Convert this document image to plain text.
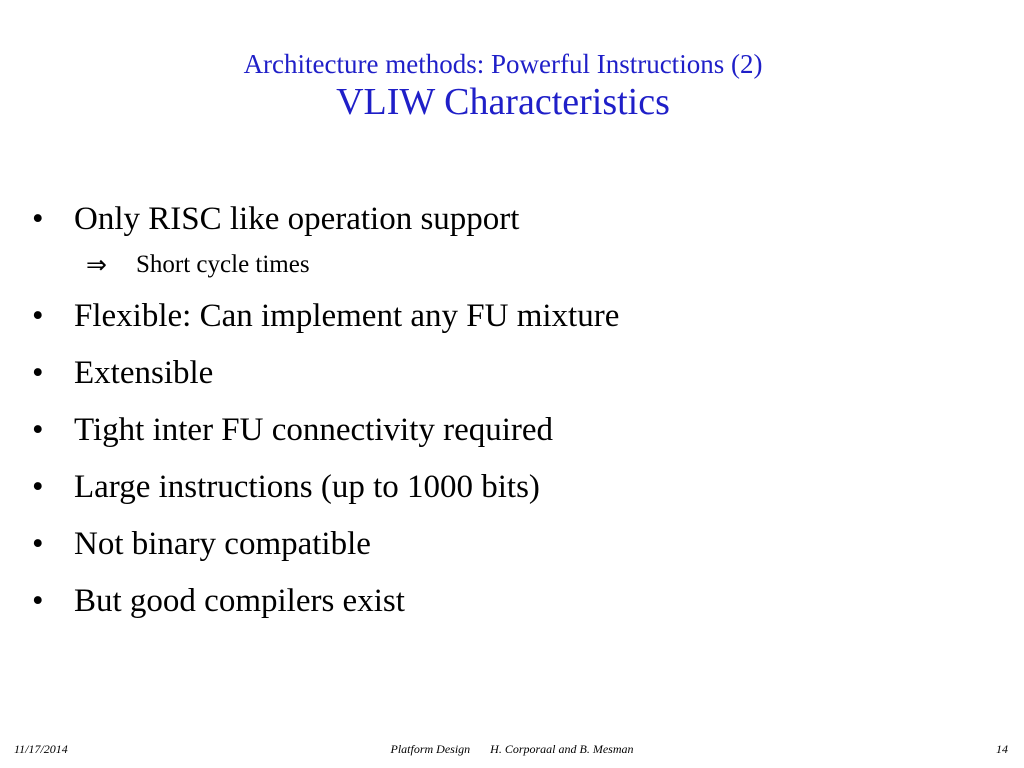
Architecture methods: Powerful Instructions (2)
VLIW Characteristics
• Only RISC like operation support
⇒ Short cycle times
• Flexible: Can implement any FU mixture
• Extensible
• Tight inter FU connectivity required
• Large instructions (up to 1000 bits)
• Not binary compatible
• But good compilers exist
11/17/2014	Platform Design H. Corporaal and B. Mesman	14
